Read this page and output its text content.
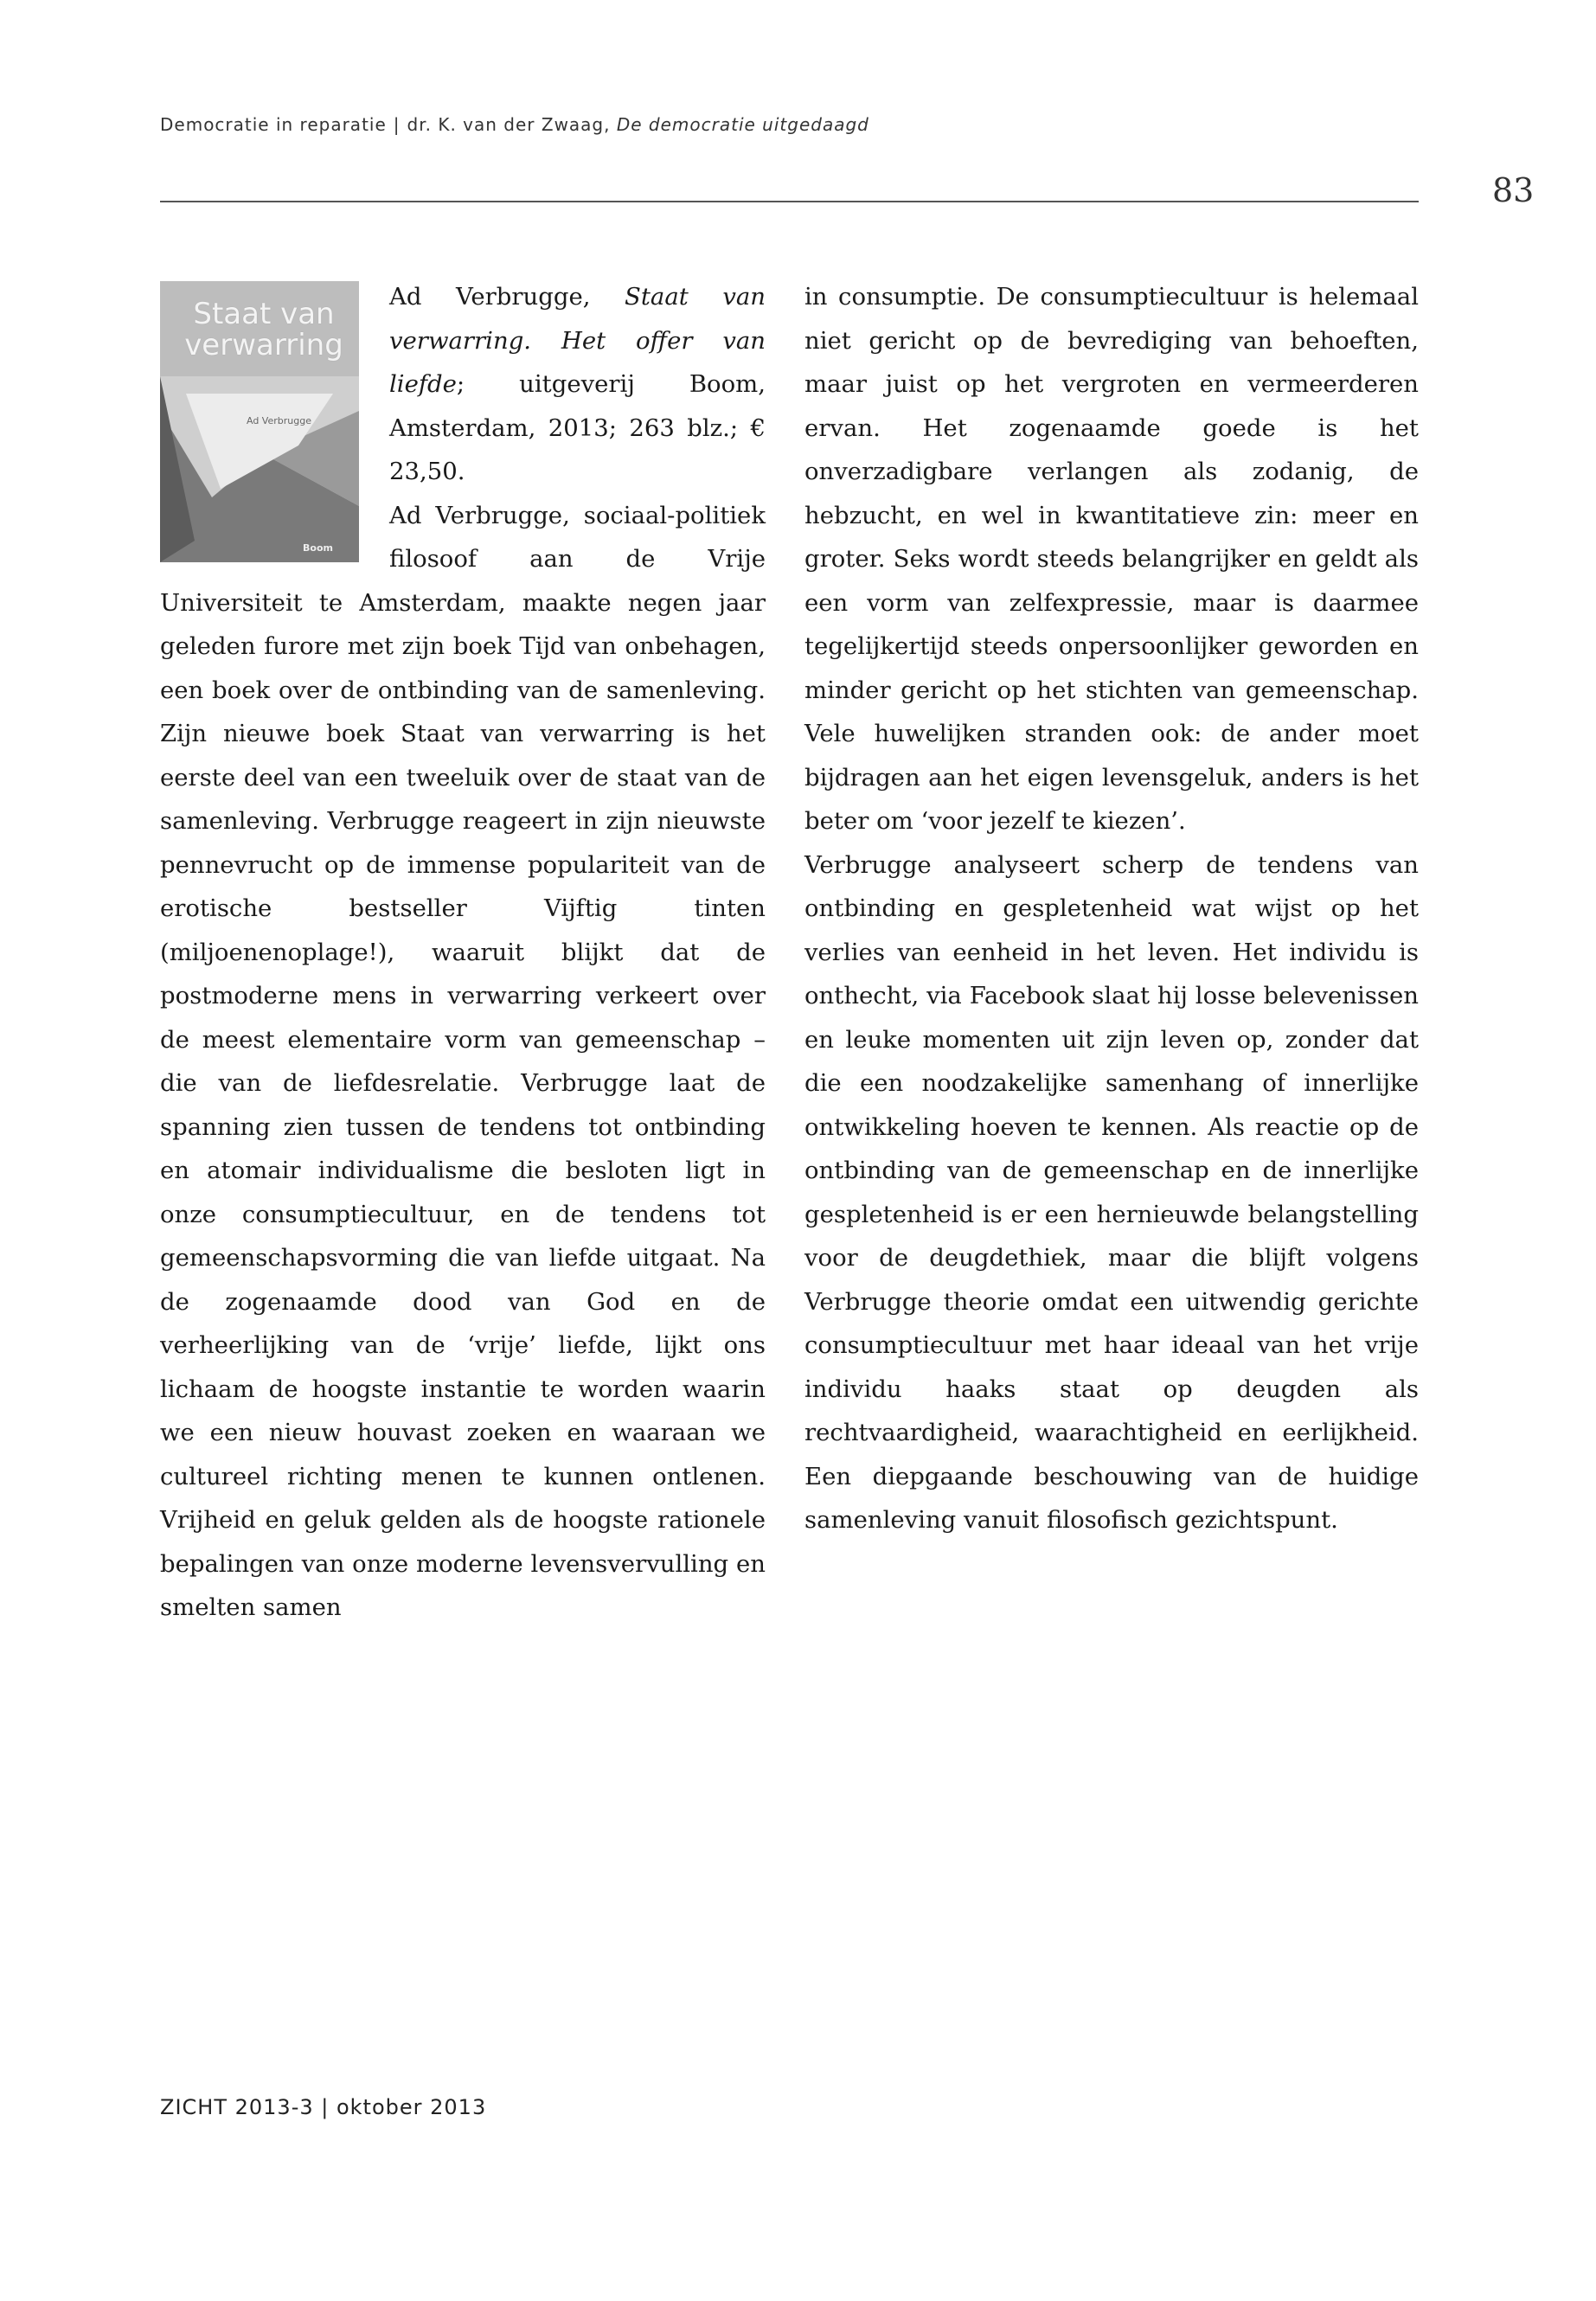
Democratie in reparatie | dr. K. van der Zwaag, De democratie uitgedaagd
83
Staat van verwarring
Ad Verbrugge
Boom

Ad Verbrugge, Staat van verwarring. Het offer van liefde; uitgeverij Boom, Amsterdam, 2013; 263 blz.; € 23,50.

Ad Verbrugge, sociaal-politiek filosoof aan de Vrije Universiteit te Amsterdam, maakte negen jaar geleden furore met zijn boek Tijd van onbehagen, een boek over de ontbinding van de samenleving. Zijn nieuwe boek Staat van verwarring is het eerste deel van een tweeluik over de staat van de samenleving. Verbrugge reageert in zijn nieuwste pennevrucht op de immense populariteit van de erotische bestseller Vijftig tinten (miljoenenoplage!), waaruit blijkt dat de postmoderne mens in verwarring verkeert over de meest elementaire vorm van gemeenschap – die van de liefdesrelatie. Verbrugge laat de spanning zien tussen de tendens tot ontbinding en atomair individualisme die besloten ligt in onze consumptiecultuur, en de tendens tot gemeenschapsvorming die van liefde uitgaat. Na de zogenaamde dood van God en de verheerlijking van de ‘vrije’ liefde, lijkt ons lichaam de hoogste instantie te worden waarin we een nieuw houvast zoeken en waaraan we cultureel richting menen te kunnen ontlenen. Vrijheid en geluk gelden als de hoogste rationele bepalingen van onze moderne levensvervulling en smelten samen

in consumptie. De consumptiecultuur is helemaal niet gericht op de bevrediging van behoeften, maar juist op het vergroten en vermeerderen ervan. Het zogenaamde goede is het onverzadigbare verlangen als zodanig, de hebzucht, en wel in kwantitatieve zin: meer en groter. Seks wordt steeds belangrijker en geldt als een vorm van zelfexpressie, maar is daarmee tegelijkertijd steeds onpersoonlijker geworden en minder gericht op het stichten van gemeenschap. Vele huwelijken stranden ook: de ander moet bijdragen aan het eigen levensgeluk, anders is het beter om ‘voor jezelf te kiezen’.

Verbrugge analyseert scherp de tendens van ontbinding en gespletenheid wat wijst op het verlies van eenheid in het leven. Het individu is onthecht, via Facebook slaat hij losse belevenissen en leuke momenten uit zijn leven op, zonder dat die een noodzakelijke samenhang of innerlijke ontwikkeling hoeven te kennen. Als reactie op de ontbinding van de gemeenschap en de innerlijke gespletenheid is er een hernieuwde belangstelling voor de deugdethiek, maar die blijft volgens Verbrugge theorie omdat een uitwendig gerichte consumptiecultuur met haar ideaal van het vrije individu haaks staat op deugden als rechtvaardigheid, waarachtigheid en eerlijkheid. Een diepgaande beschouwing van de huidige samenleving vanuit filosofisch gezichtspunt.

ZICHT 2013-3 | oktober 2013
